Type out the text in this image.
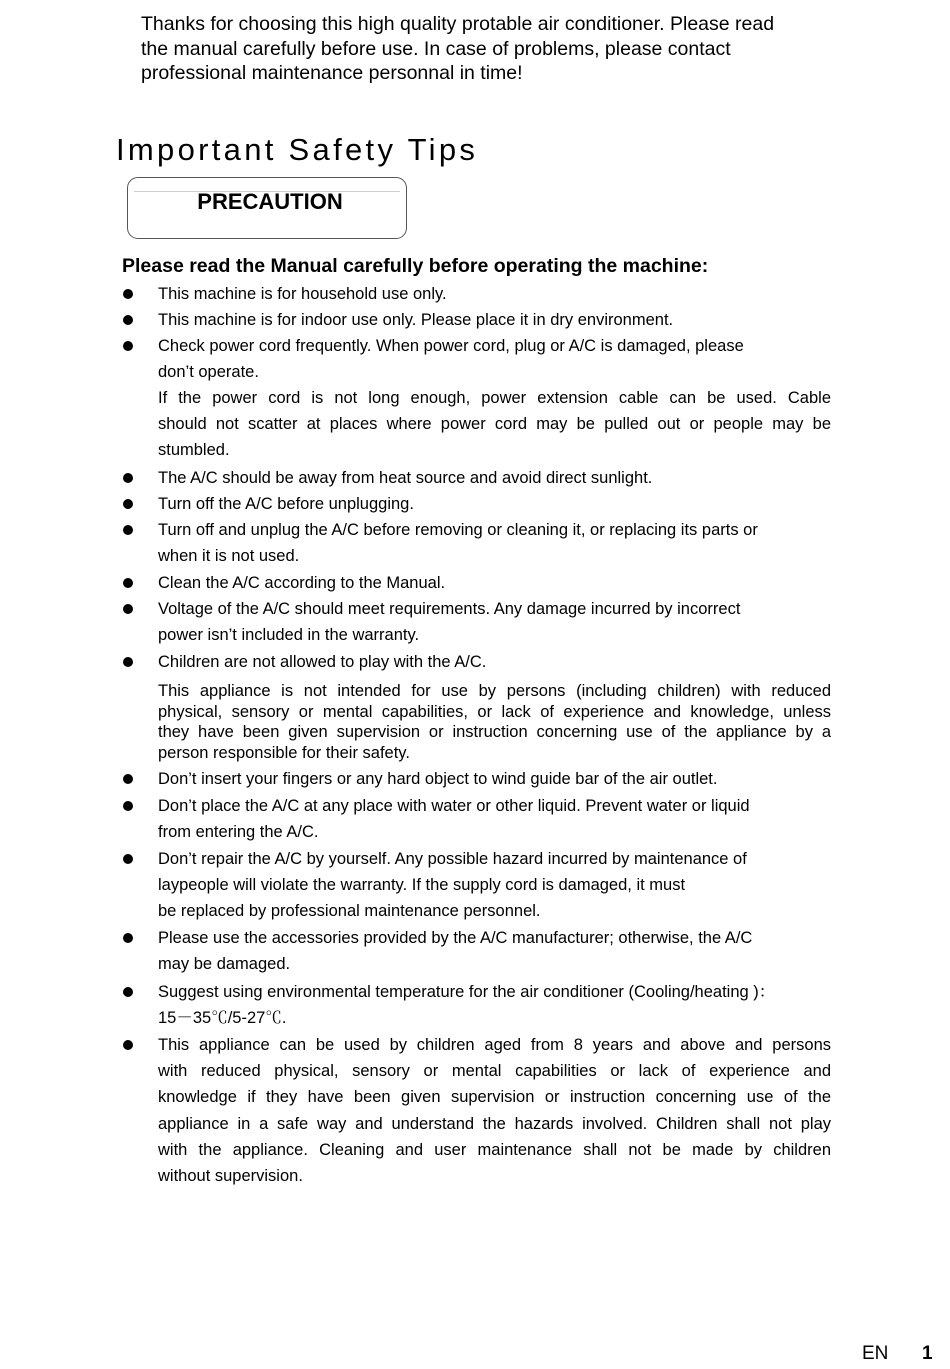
Thanks for choosing this high quality protable air conditioner. Please read
the manual carefully before use. In case of problems, please contact
professional maintenance personnal in time!
Important Safety Tips
PRECAUTION
Please read the Manual carefully before operating the machine:
This machine is for household use only.
This machine is for indoor use only. Please place it in dry environment.
Check power cord frequently. When power cord, plug or A/C is damaged, please
don’t operate.
If the power cord is not long enough, power extension cable can be used. Cable
should not scatter at places where power cord may be pulled out or people may be
stumbled.
The A/C should be away from heat source and avoid direct sunlight.
Turn off the A/C before unplugging.
Turn off and unplug the A/C before removing or cleaning it, or replacing its parts or
when it is not used.
Clean the A/C according to the Manual.
Voltage of the A/C should meet requirements. Any damage incurred by incorrect
power isn’t included in the warranty.
Children are not allowed to play with the A/C.
This appliance is not intended for use by persons (including children) with reduced
physical, sensory or mental capabilities, or lack of experience and knowledge, unless
they have been given supervision or instruction concerning use of the appliance by a
person responsible for their safety.
Don’t insert your fingers or any hard object to wind guide bar of the air outlet.
Don’t place the A/C at any place with water or other liquid. Prevent water or liquid
from entering the A/C.
Don’t repair the A/C by yourself. Any possible hazard incurred by maintenance of
laypeople will violate the warranty. If the supply cord is damaged, it must
be replaced by professional maintenance personnel.
Please use the accessories provided by the A/C manufacturer; otherwise, the A/C
may be damaged.
Suggest using environmental temperature for the air conditioner (Cooling/heating )：
15－35℃/5-27℃.
This appliance can be used by children aged from 8 years and above and persons
with reduced physical, sensory or mental capabilities or lack of experience and
knowledge if they have been given supervision or instruction concerning use of the
appliance in a safe way and understand the hazards involved. Children shall not play
with the appliance. Cleaning and user maintenance shall not be made by children
without supervision.
EN 1
